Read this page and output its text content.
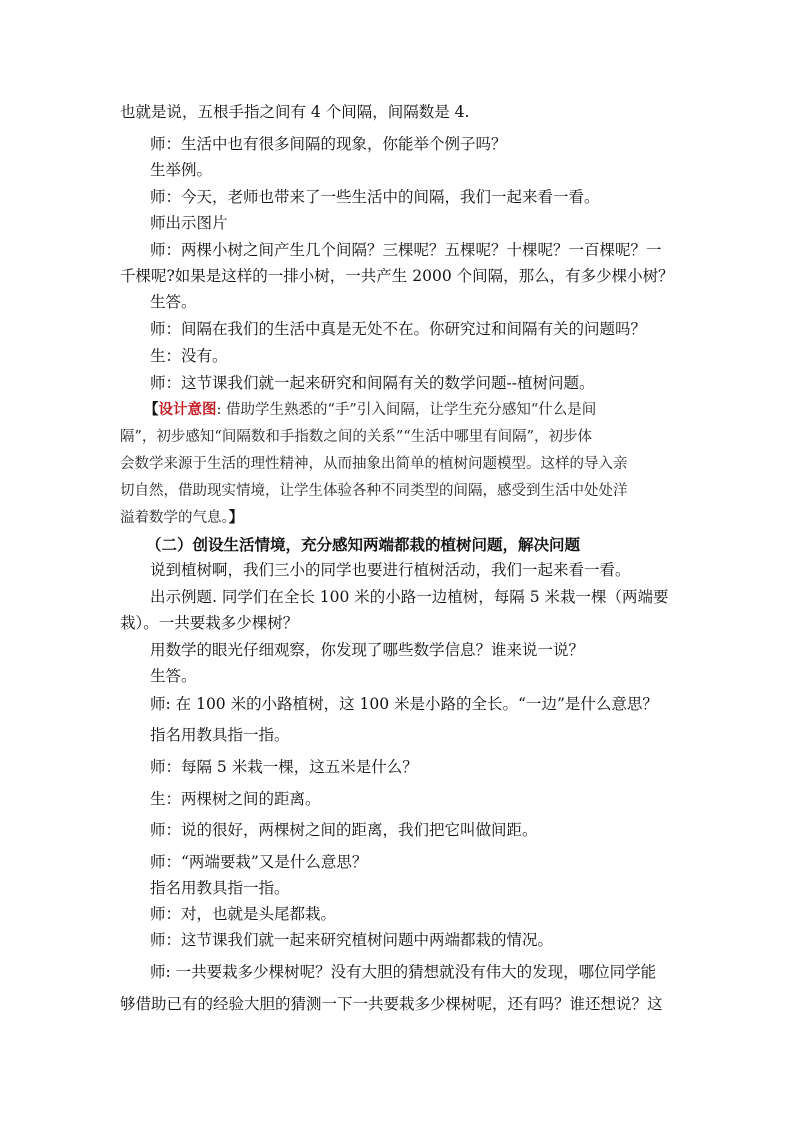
也就是说，五根手指之间有 4 个间隔，间隔数是 4.
师：生活中也有很多间隔的现象，你能举个例子吗？
生举例。
师：今天，老师也带来了一些生活中的间隔，我们一起来看一看。
师出示图片
师：两棵小树之间产生几个间隔？三棵呢？五棵呢？十棵呢？一百棵呢？一
千棵呢?如果是这样的一排小树，一共产生 2000 个间隔，那么，有多少棵小树？
生答。
师：间隔在我们的生活中真是无处不在。你研究过和间隔有关的问题吗？
生：没有。
师：这节课我们就一起来研究和间隔有关的数学问题--植树问题。
【设计意图: 借助学生熟悉的“手”引入间隔，让学生充分感知“什么是间
隔”，初步感知“间隔数和手指数之间的关系”“生活中哪里有间隔”，初步体
会数学来源于生活的理性精神，从而抽象出简单的植树问题模型。这样的导入亲
切自然，借助现实情境，让学生体验各种不同类型的间隔，感受到生活中处处洋
溢着数学的气息。】
（二）创设生活情境，充分感知两端都栽的植树问题，解决问题
说到植树啊，我们三小的同学也要进行植树活动，我们一起来看一看。
出示例题. 同学们在全长 100 米的小路一边植树，每隔 5 米栽一棵（两端要
栽）。一共要栽多少棵树？
用数学的眼光仔细观察，你发现了哪些数学信息？谁来说一说？
生答。
师: 在 100 米的小路植树，这 100 米是小路的全长。“一边”是什么意思？
指名用教具指一指。
师：每隔 5 米栽一棵，这五米是什么？
生：两棵树之间的距离。
师：说的很好，两棵树之间的距离，我们把它叫做间距。
师：“两端要栽”又是什么意思？
指名用教具指一指。
师：对，也就是头尾都栽。
师：这节课我们就一起来研究植树问题中两端都栽的情况。
师: 一共要栽多少棵树呢？没有大胆的猜想就没有伟大的发现，哪位同学能
够借助已有的经验大胆的猜测一下一共要栽多少棵树呢，还有吗？谁还想说？这
